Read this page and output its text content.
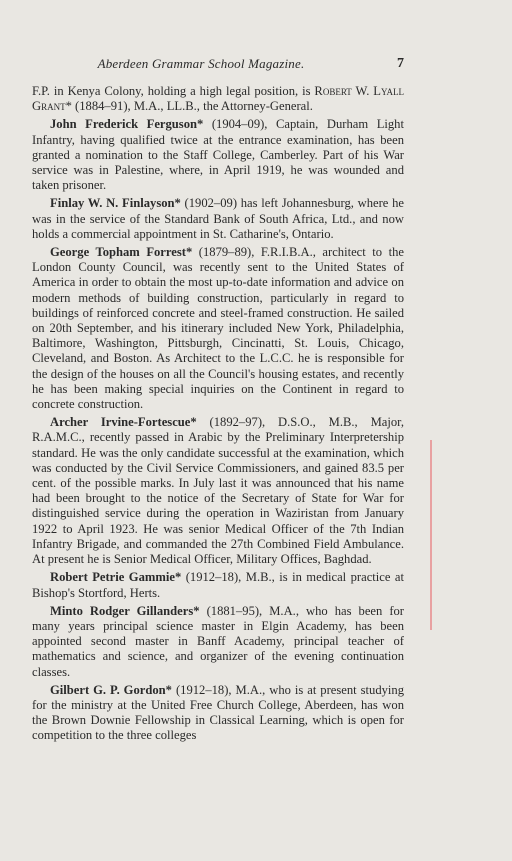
Aberdeen Grammar School Magazine.	7

F.P. in Kenya Colony, holding a high legal position, is Robert W. Lyall Grant* (1884–91), M.A., LL.B., the Attorney-General.

John Frederick Ferguson* (1904–09), Captain, Durham Light Infantry, having qualified twice at the entrance examination, has been granted a nomination to the Staff College, Camberley. Part of his War service was in Palestine, where, in April 1919, he was wounded and taken prisoner.

Finlay W. N. Finlayson* (1902–09) has left Johannesburg, where he was in the service of the Standard Bank of South Africa, Ltd., and now holds a commercial appointment in St. Catharine's, Ontario.

George Topham Forrest* (1879–89), F.R.I.B.A., architect to the London County Council, was recently sent to the United States of America in order to obtain the most up-to-date information and advice on modern methods of building construction, particularly in regard to buildings of reinforced concrete and steel-framed construction. He sailed on 20th September, and his itinerary included New York, Philadelphia, Baltimore, Washington, Pittsburgh, Cincinatti, St. Louis, Chicago, Cleveland, and Boston. As Architect to the L.C.C. he is responsible for the design of the houses on all the Council's housing estates, and recently he has been making special inquiries on the Continent in regard to concrete construction.

Archer Irvine-Fortescue* (1892–97), D.S.O., M.B., Major, R.A.M.C., recently passed in Arabic by the Preliminary Interpretership standard. He was the only candidate successful at the examination, which was conducted by the Civil Service Commissioners, and gained 83.5 per cent. of the possible marks. In July last it was announced that his name had been brought to the notice of the Secretary of State for War for distinguished service during the operation in Waziristan from January 1922 to April 1923. He was senior Medical Officer of the 7th Indian Infantry Brigade, and commanded the 27th Combined Field Ambulance. At present he is Senior Medical Officer, Military Offices, Baghdad.

Robert Petrie Gammie* (1912–18), M.B., is in medical practice at Bishop's Stortford, Herts.

Minto Rodger Gillanders* (1881–95), M.A., who has been for many years principal science master in Elgin Academy, has been appointed second master in Banff Academy, principal teacher of mathematics and science, and organizer of the evening continuation classes.

Gilbert G. P. Gordon* (1912–18), M.A., who is at present studying for the ministry at the United Free Church College, Aberdeen, has won the Brown Downie Fellowship in Classical Learning, which is open for competition to the three colleges
